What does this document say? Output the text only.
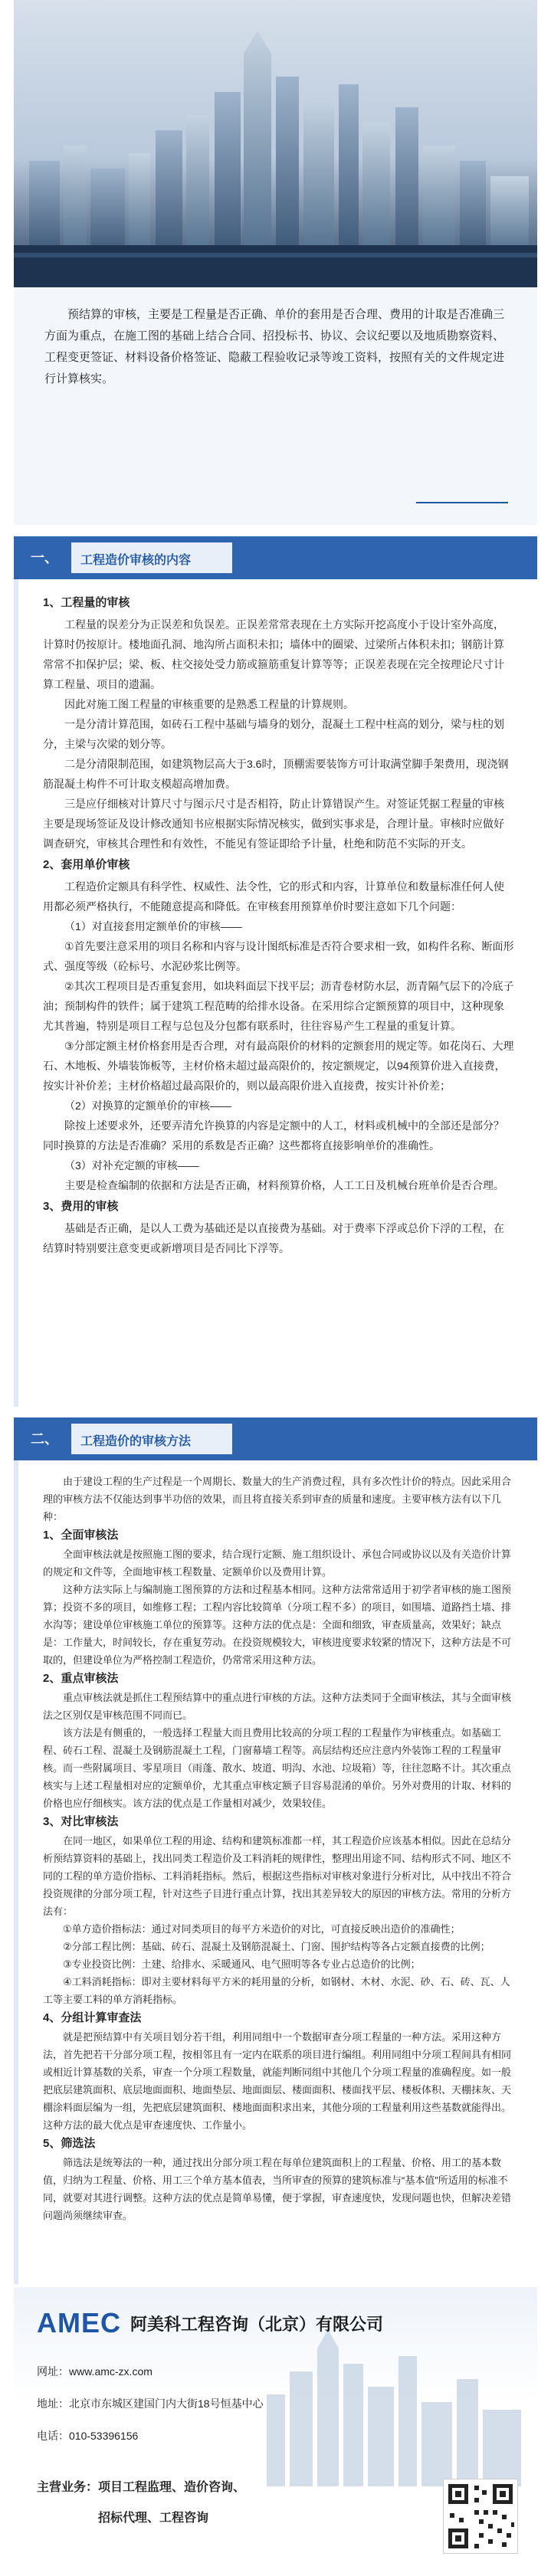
预结算的审核，主要是工程量是否正确、单价的套用是否合理、费用的计取是否准确三方面为重点，在施工图的基础上结合合同、招投标书、协议、会议纪要以及地质勘察资料、工程变更签证、材料设备价格签证、隐蔽工程验收记录等竣工资料，按照有关的文件规定进行计算核实。
一、 工程造价审核的内容
1、工程量的审核

工程量的误差分为正误差和负误差。正误差常常表现在土方实际开挖高度小于设计室外高度，计算时仍按原计。楼地面孔洞、地沟所占面积未扣；墙体中的圈梁、过梁所占体积未扣；钢筋计算常常不扣保护层；梁、板、柱交接处受力筋或箍筋重复计算等等；正误差表现在完全按理论尺寸计算工程量、项目的遗漏。

因此对施工图工程量的审核重要的是熟悉工程量的计算规则。

一是分清计算范围，如砖石工程中基础与墙身的划分，混凝土工程中柱高的划分，梁与柱的划分，主梁与次梁的划分等。

二是分清限制范围，如建筑物层高大于3.6时，顶棚需要装饰方可计取满堂脚手架费用，现浇钢筋混凝土构件不可计取支模超高增加费。

三是应仔细核对计算尺寸与图示尺寸是否相符，防止计算错误产生。对签证凭据工程量的审核主要是现场签证及设计修改通知书应根据实际情况核实，做到实事求是，合理计量。审核时应做好调查研究，审核其合理性和有效性，不能见有签证即给予计量，杜绝和防范不实际的开支。

2、套用单价审核

工程造价定额具有科学性、权威性、法令性，它的形式和内容，计算单位和数量标准任何人使用都必须严格执行，不能随意提高和降低。在审核套用预算单价时要注意如下几个问题：

（1）对直接套用定额单价的审核——

①首先要注意采用的项目名称和内容与设计图纸标准是否符合要求相一致，如构件名称、断面形式、强度等级（砼标号、水泥砂浆比例等。

②其次工程项目是否重复套用，如块料面层下找平层；沥青卷材防水层，沥青隔气层下的冷底子油；预制构件的铁件；属于建筑工程范畴的给排水设备。在采用综合定额预算的项目中，这种现象尤其普遍，特别是项目工程与总包及分包都有联系时，往往容易产生工程量的重复计算。

③分部定额主材价格套用是否合理，对有最高限价的材料的定额套用的规定等。如花岗石、大理石、木地板、外墙装饰板等，主材价格未超过最高限价的，按定额规定，以94预算价进入直接费，按实计补价差；主材价格超过最高限价的，则以最高限价进入直接费，按实计补价差；

（2）对换算的定额单价的审核——

除按上述要求外，还要弄清允许换算的内容是定额中的人工，材料或机械中的全部还是部分？同时换算的方法是否准确？采用的系数是否正确？这些都将直接影响单价的准确性。

（3）对补充定额的审核——

主要是检查编制的依据和方法是否正确，材料预算价格，人工工日及机械台班单价是否合理。

3、费用的审核

基础是否正确，是以人工费为基础还是以直接费为基础。对于费率下浮或总价下浮的工程，在结算时特别要注意变更或新增项目是否同比下浮等。

二、 工程造价的审核方法

由于建设工程的生产过程是一个周期长、数量大的生产消费过程，具有多次性计价的特点。因此采用合理的审核方法不仅能达到事半功倍的效果，而且将直接关系到审查的质量和速度。主要审核方法有以下几种：

1、全面审核法

全面审核法就是按照施工图的要求，结合现行定额、施工组织设计、承包合同或协议以及有关造价计算的规定和文件等，全面地审核工程数量、定额单价以及费用计算。

这种方法实际上与编制施工图预算的方法和过程基本相同。这种方法常常适用于初学者审核的施工图预算；投资不多的项目，如维修工程；工程内容比较简单（分项工程不多）的项目，如围墙、道路挡土墙、排水沟等；建设单位审核施工单位的预算等。这种方法的优点是：全面和细致，审查质量高，效果好；缺点是：工作量大，时间较长，存在重复劳动。在投资规模较大，审核进度要求较紧的情况下，这种方法是不可取的，但建设单位为严格控制工程造价，仍常常采用这种方法。

2、重点审核法

重点审核法就是抓住工程预结算中的重点进行审核的方法。这种方法类同于全面审核法，其与全面审核法之区别仅是审核范围不同而已。

该方法是有侧重的，一般选择工程量大而且费用比较高的分项工程的工程量作为审核重点。如基础工程、砖石工程、混凝土及钢筋混凝土工程，门窗幕墙工程等。高层结构还应注意内外装饰工程的工程量审核。而一些附属项目、零星项目（雨蓬、散水、坡道、明沟、水池、垃圾箱）等，往往忽略不计。其次重点核实与上述工程量相对应的定额单价，尤其重点审核定额子目容易混淆的单价。另外对费用的计取、材料的价格也应仔细核实。该方法的优点是工作量相对减少，效果较佳。

3、对比审核法

在同一地区，如果单位工程的用途、结构和建筑标准都一样，其工程造价应该基本相似。因此在总结分析预结算资料的基础上，找出同类工程造价及工料消耗的规律性，整理出用途不同、结构形式不同、地区不同的工程的单方造价指标、工料消耗指标。然后，根据这些指标对审核对象进行分析对比，从中找出不符合投资规律的分部分项工程，针对这些子目进行重点计算，找出其差异较大的原因的审核方法。常用的分析方法有：

①单方造价指标法：通过对同类项目的每平方米造价的对比，可直接反映出造价的准确性；

②分部工程比例：基础、砖石、混凝土及钢筋混凝土、门窗、围护结构等各占定额直接费的比例；

③专业投资比例：土建、给排水、采暖通风、电气照明等各专业占总造价的比例；

④工料消耗指标：即对主要材料每平方米的耗用量的分析，如钢材、木材、水泥、砂、石、砖、瓦、人工等主要工料的单方消耗指标。

4、分组计算审查法

就是把预结算中有关项目划分若干组，利用同组中一个数据审查分项工程量的一种方法。采用这种方法，首先把若干分部分项工程，按相邻且有一定内在联系的项目进行编组。利用同组中分项工程间具有相同或相近计算基数的关系，审查一个分项工程数量，就能判断同组中其他几个分项工程量的准确程度。如一般把底层建筑面积、底层地面面积、地面垫层、地面面层、楼面面积、楼面找平层、楼板体积、天棚抹灰、天棚涂料面层编为一组，先把底层建筑面积、楼地面面积求出来，其他分项的工程量利用这些基数就能得出。这种方法的最大优点是审查速度快、工作量小。

5、筛选法

筛选法是统筹法的一种，通过找出分部分项工程在每单位建筑面积上的工程量、价格、用工的基本数值，归纳为工程量、价格、用工三个单方基本值表，当所审查的预算的建筑标准与“基本值”所适用的标准不同，就要对其进行调整。这种方法的优点是简单易懂，便于掌握，审查速度快，发现问题也快，但解决差错问题尚须继续审查。

AMEC 阿美科工程咨询（北京）有限公司
网址：www.amc-zx.com
地址：北京市东城区建国门内大街18号恒基中心
电话：010-53396156
主营业务：项目工程监理、造价咨询、
招标代理、工程咨询
